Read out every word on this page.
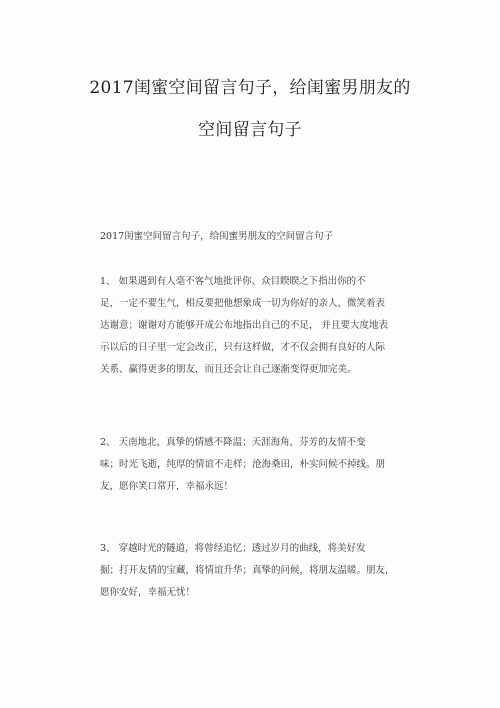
2017闺蜜空间留言句子，给闺蜜男朋友的
空间留言句子
2017闺蜜空间留言句子，给闺蜜男朋友的空间留言句子
1、 如果遇到有人毫不客气地批评你、众目睽睽之下指出你的不
足，一定不要生气，相反要把他想象成一切为你好的亲人，微笑着表
达谢意；谢谢对方能够开成公布地指出自己的不足， 并且要大度地表
示以后的日子里一定会改正，只有这样做，才不仅会拥有良好的人际
关系、赢得更多的朋友，而且还会让自己逐渐变得更加完美。
2、 天南地北，真挚的情感不降温；天涯海角，芬芳的友情不变
味；时光飞逝，纯厚的情谊不走样；沧海桑田，朴实问候不掉线。朋
友，愿你笑口常开，幸福永远！
3、 穿越时光的隧道，将曾经追忆；透过岁月的曲线，将美好发
掘；打开友情的宝藏，将情谊升华；真挚的问候，将朋友温暖。朋友，
愿你安好，幸福无忧！
